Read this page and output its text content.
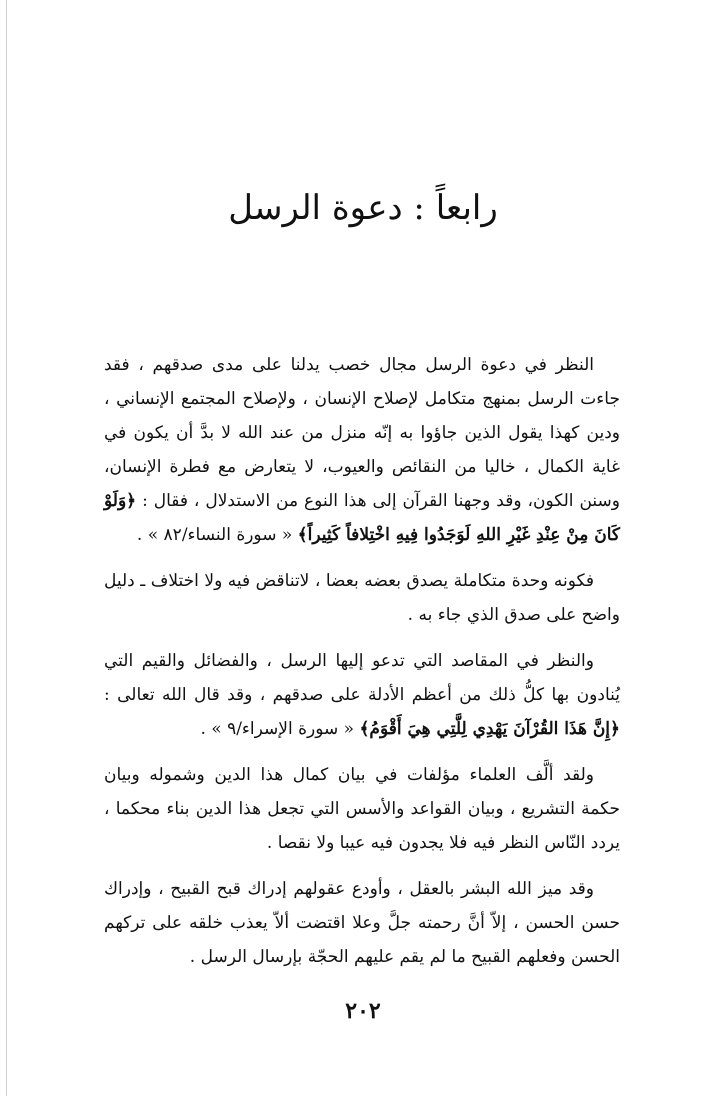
رابعاً : دعوة الرسل

النظر في دعوة الرسل مجال خصب يدلنا على مدى صدقهم ، فقد جاءت الرسل بمنهج متكامل لإصلاح الإنسان ، ولإصلاح المجتمع الإنساني ، ودين كهذا يقول الذين جاؤوا به إنّه منزل من عند الله لا بدَّ أن يكون في غاية الكمال ، خاليا من النقائص والعيوب، لا يتعارض مع فطرة الإنسان، وسنن الكون، وقد وجهنا القرآن إلى هذا النوع من الاستدلال ، فقال : ﴿وَلَوْ كَانَ مِنْ عِنْدِ غَيْرِ اللهِ لَوَجَدُوا فِيهِ اخْتِلافاً كَثِيراً﴾ « سورة النساء/٨٢ » .

فكونه وحدة متكاملة يصدق بعضه بعضا ، لاتناقض فيه ولا اختلاف ـ دليل واضح على صدق الذي جاء به .

والنظر في المقاصد التي تدعو إليها الرسل ، والفضائل والقيم التي يُنادون بها كلُّ ذلك من أعظم الأدلة على صدقهم ، وقد قال الله تعالى : ﴿إِنَّ هَذَا القُرْآنَ يَهْدِي لِلَّتِي هِيَ أَقْوَمُ﴾ « سورة الإسراء/٩ » .

ولقد ألَّف العلماء مؤلفات في بيان كمال هذا الدين وشموله وبيان حكمة التشريع ، وبيان القواعد والأسس التي تجعل هذا الدين بناء محكما ، يردد النّاس النظر فيه فلا يجدون فيه عيبا ولا نقصا .

وقد ميز الله البشر بالعقل ، وأودع عقولهم إدراك قبح القبيح ، وإدراك حسن الحسن ، إلاّ أنَّ رحمته جلَّ وعلا اقتضت ألاّ يعذب خلقه على تركهم الحسن وفعلهم القبيح ما لم يقم عليهم الحجّة بإرسال الرسل .

٢٠٢
